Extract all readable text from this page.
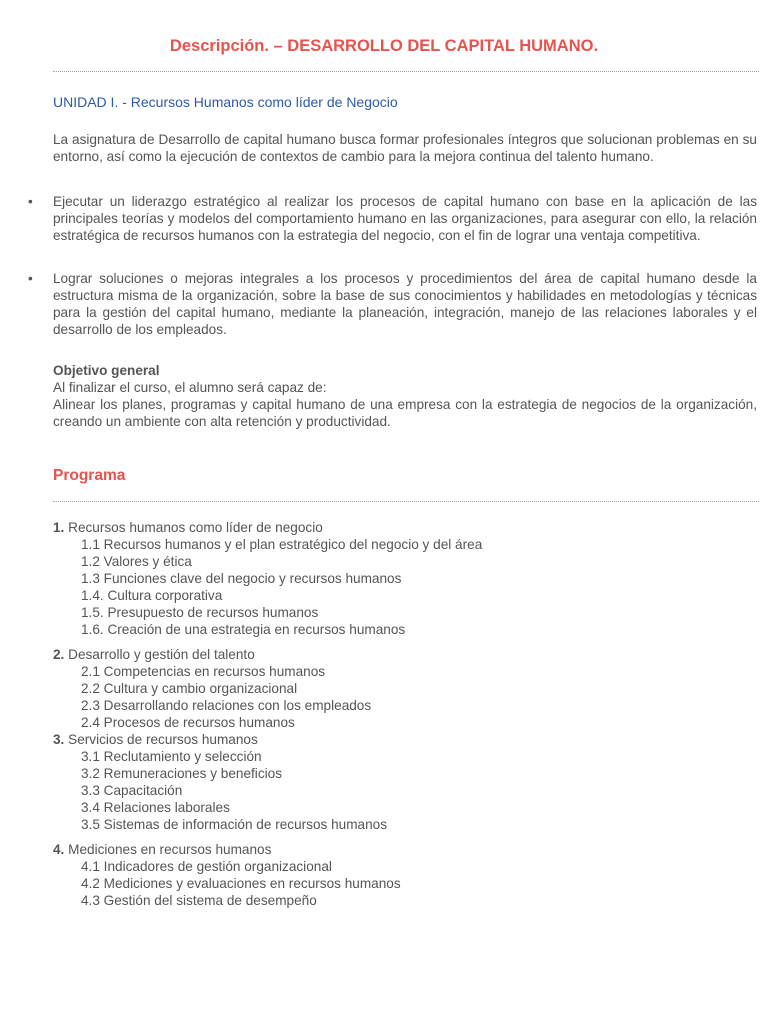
Descripción. – DESARROLLO DEL CAPITAL HUMANO.
UNIDAD I. - Recursos Humanos como líder de Negocio

La asignatura de Desarrollo de capital humano busca formar profesionales íntegros que solucionan problemas en su entorno, así como la ejecución de contextos de cambio para la mejora continua del talento humano.

• Ejecutar un liderazgo estratégico al realizar los procesos de capital humano con base en la aplicación de las principales teorías y modelos del comportamiento humano en las organizaciones, para asegurar con ello, la relación estratégica de recursos humanos con la estrategia del negocio, con el fin de lograr una ventaja competitiva.

• Lograr soluciones o mejoras integrales a los procesos y procedimientos del área de capital humano desde la estructura misma de la organización, sobre la base de sus conocimientos y habilidades en metodologías y técnicas para la gestión del capital humano, mediante la planeación, integración, manejo de las relaciones laborales y el desarrollo de los empleados.

Objetivo general

Al finalizar el curso, el alumno será capaz de:

Alinear los planes, programas y capital humano de una empresa con la estrategia de negocios de la organización, creando un ambiente con alta retención y productividad.

Programa

1. Recursos humanos como líder de negocio

1.1 Recursos humanos y el plan estratégico del negocio y del área

1.2 Valores y ética

1.3 Funciones clave del negocio y recursos humanos

1.4. Cultura corporativa

1.5. Presupuesto de recursos humanos

1.6. Creación de una estrategia en recursos humanos

2. Desarrollo y gestión del talento

2.1 Competencias en recursos humanos

2.2 Cultura y cambio organizacional

2.3 Desarrollando relaciones con los empleados

2.4 Procesos de recursos humanos

3. Servicios de recursos humanos

3.1 Reclutamiento y selección

3.2 Remuneraciones y beneficios

3.3 Capacitación

3.4 Relaciones laborales

3.5 Sistemas de información de recursos humanos

4. Mediciones en recursos humanos

4.1 Indicadores de gestión organizacional

4.2 Mediciones y evaluaciones en recursos humanos

4.3 Gestión del sistema de desempeño
